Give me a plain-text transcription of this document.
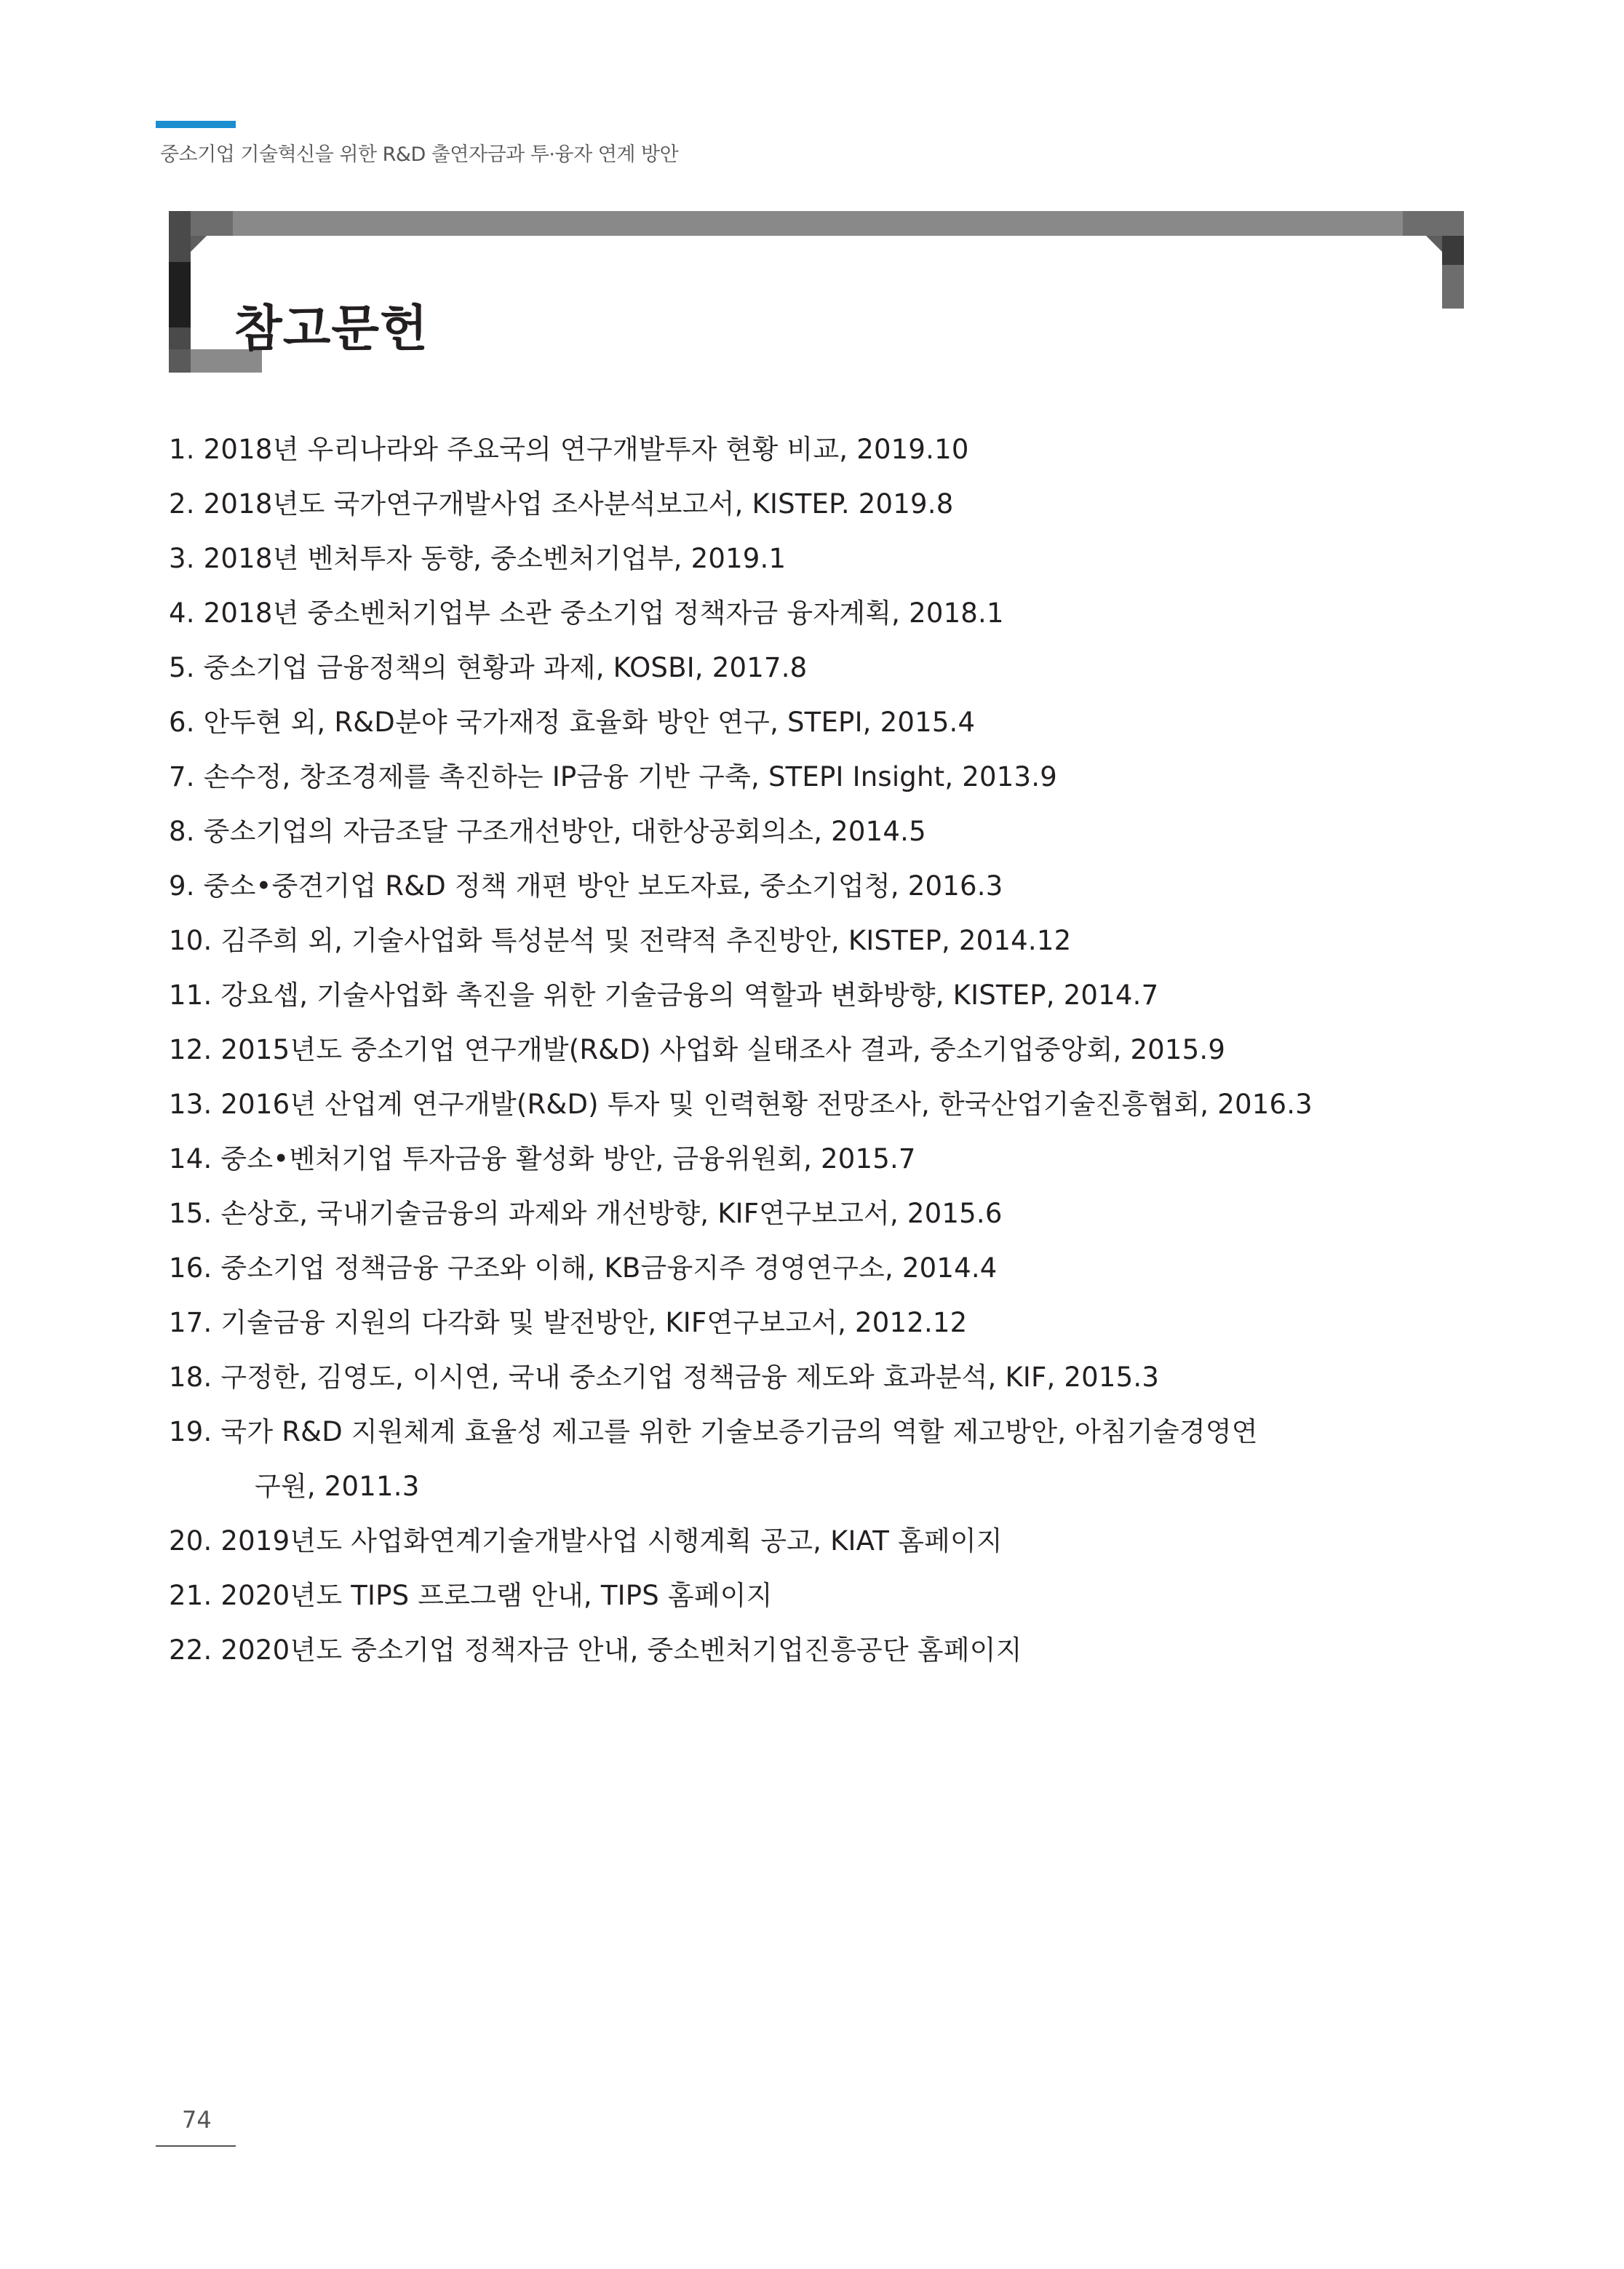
중소기업 기술혁신을 위한 R&D 출연자금과 투·융자 연계 방안
참고문헌
1. 2018년 우리나라와 주요국의 연구개발투자 현황 비교, 2019.10
2. 2018년도 국가연구개발사업 조사분석보고서, KISTEP. 2019.8
3. 2018년 벤처투자 동향, 중소벤처기업부, 2019.1
4. 2018년 중소벤처기업부 소관 중소기업 정책자금 융자계획, 2018.1
5. 중소기업 금융정책의 현황과 과제, KOSBI, 2017.8
6. 안두현 외, R&D분야 국가재정 효율화 방안 연구, STEPI, 2015.4
7. 손수정, 창조경제를 촉진하는 IP금융 기반 구축, STEPI Insight, 2013.9
8. 중소기업의 자금조달 구조개선방안, 대한상공회의소, 2014.5
9. 중소•중견기업 R&D 정책 개편 방안 보도자료, 중소기업청, 2016.3
10. 김주희 외, 기술사업화 특성분석 및 전략적 추진방안, KISTEP, 2014.12
11. 강요셉, 기술사업화 촉진을 위한 기술금융의 역할과 변화방향, KISTEP, 2014.7
12. 2015년도 중소기업 연구개발(R&D) 사업화 실태조사 결과, 중소기업중앙회, 2015.9
13. 2016년 산업계 연구개발(R&D) 투자 및 인력현황 전망조사, 한국산업기술진흥협회, 2016.3
14. 중소•벤처기업 투자금융 활성화 방안, 금융위원회, 2015.7
15. 손상호, 국내기술금융의 과제와 개선방향, KIF연구보고서, 2015.6
16. 중소기업 정책금융 구조와 이해, KB금융지주 경영연구소, 2014.4
17. 기술금융 지원의 다각화 및 발전방안, KIF연구보고서, 2012.12
18. 구정한, 김영도, 이시연, 국내 중소기업 정책금융 제도와 효과분석, KIF, 2015.3
19. 국가 R&D 지원체계 효율성 제고를 위한 기술보증기금의 역할 제고방안, 아침기술경영연
구원, 2011.3
20. 2019년도 사업화연계기술개발사업 시행계획 공고, KIAT 홈페이지
21. 2020년도 TIPS 프로그램 안내, TIPS 홈페이지
22. 2020년도 중소기업 정책자금 안내, 중소벤처기업진흥공단 홈페이지
74
